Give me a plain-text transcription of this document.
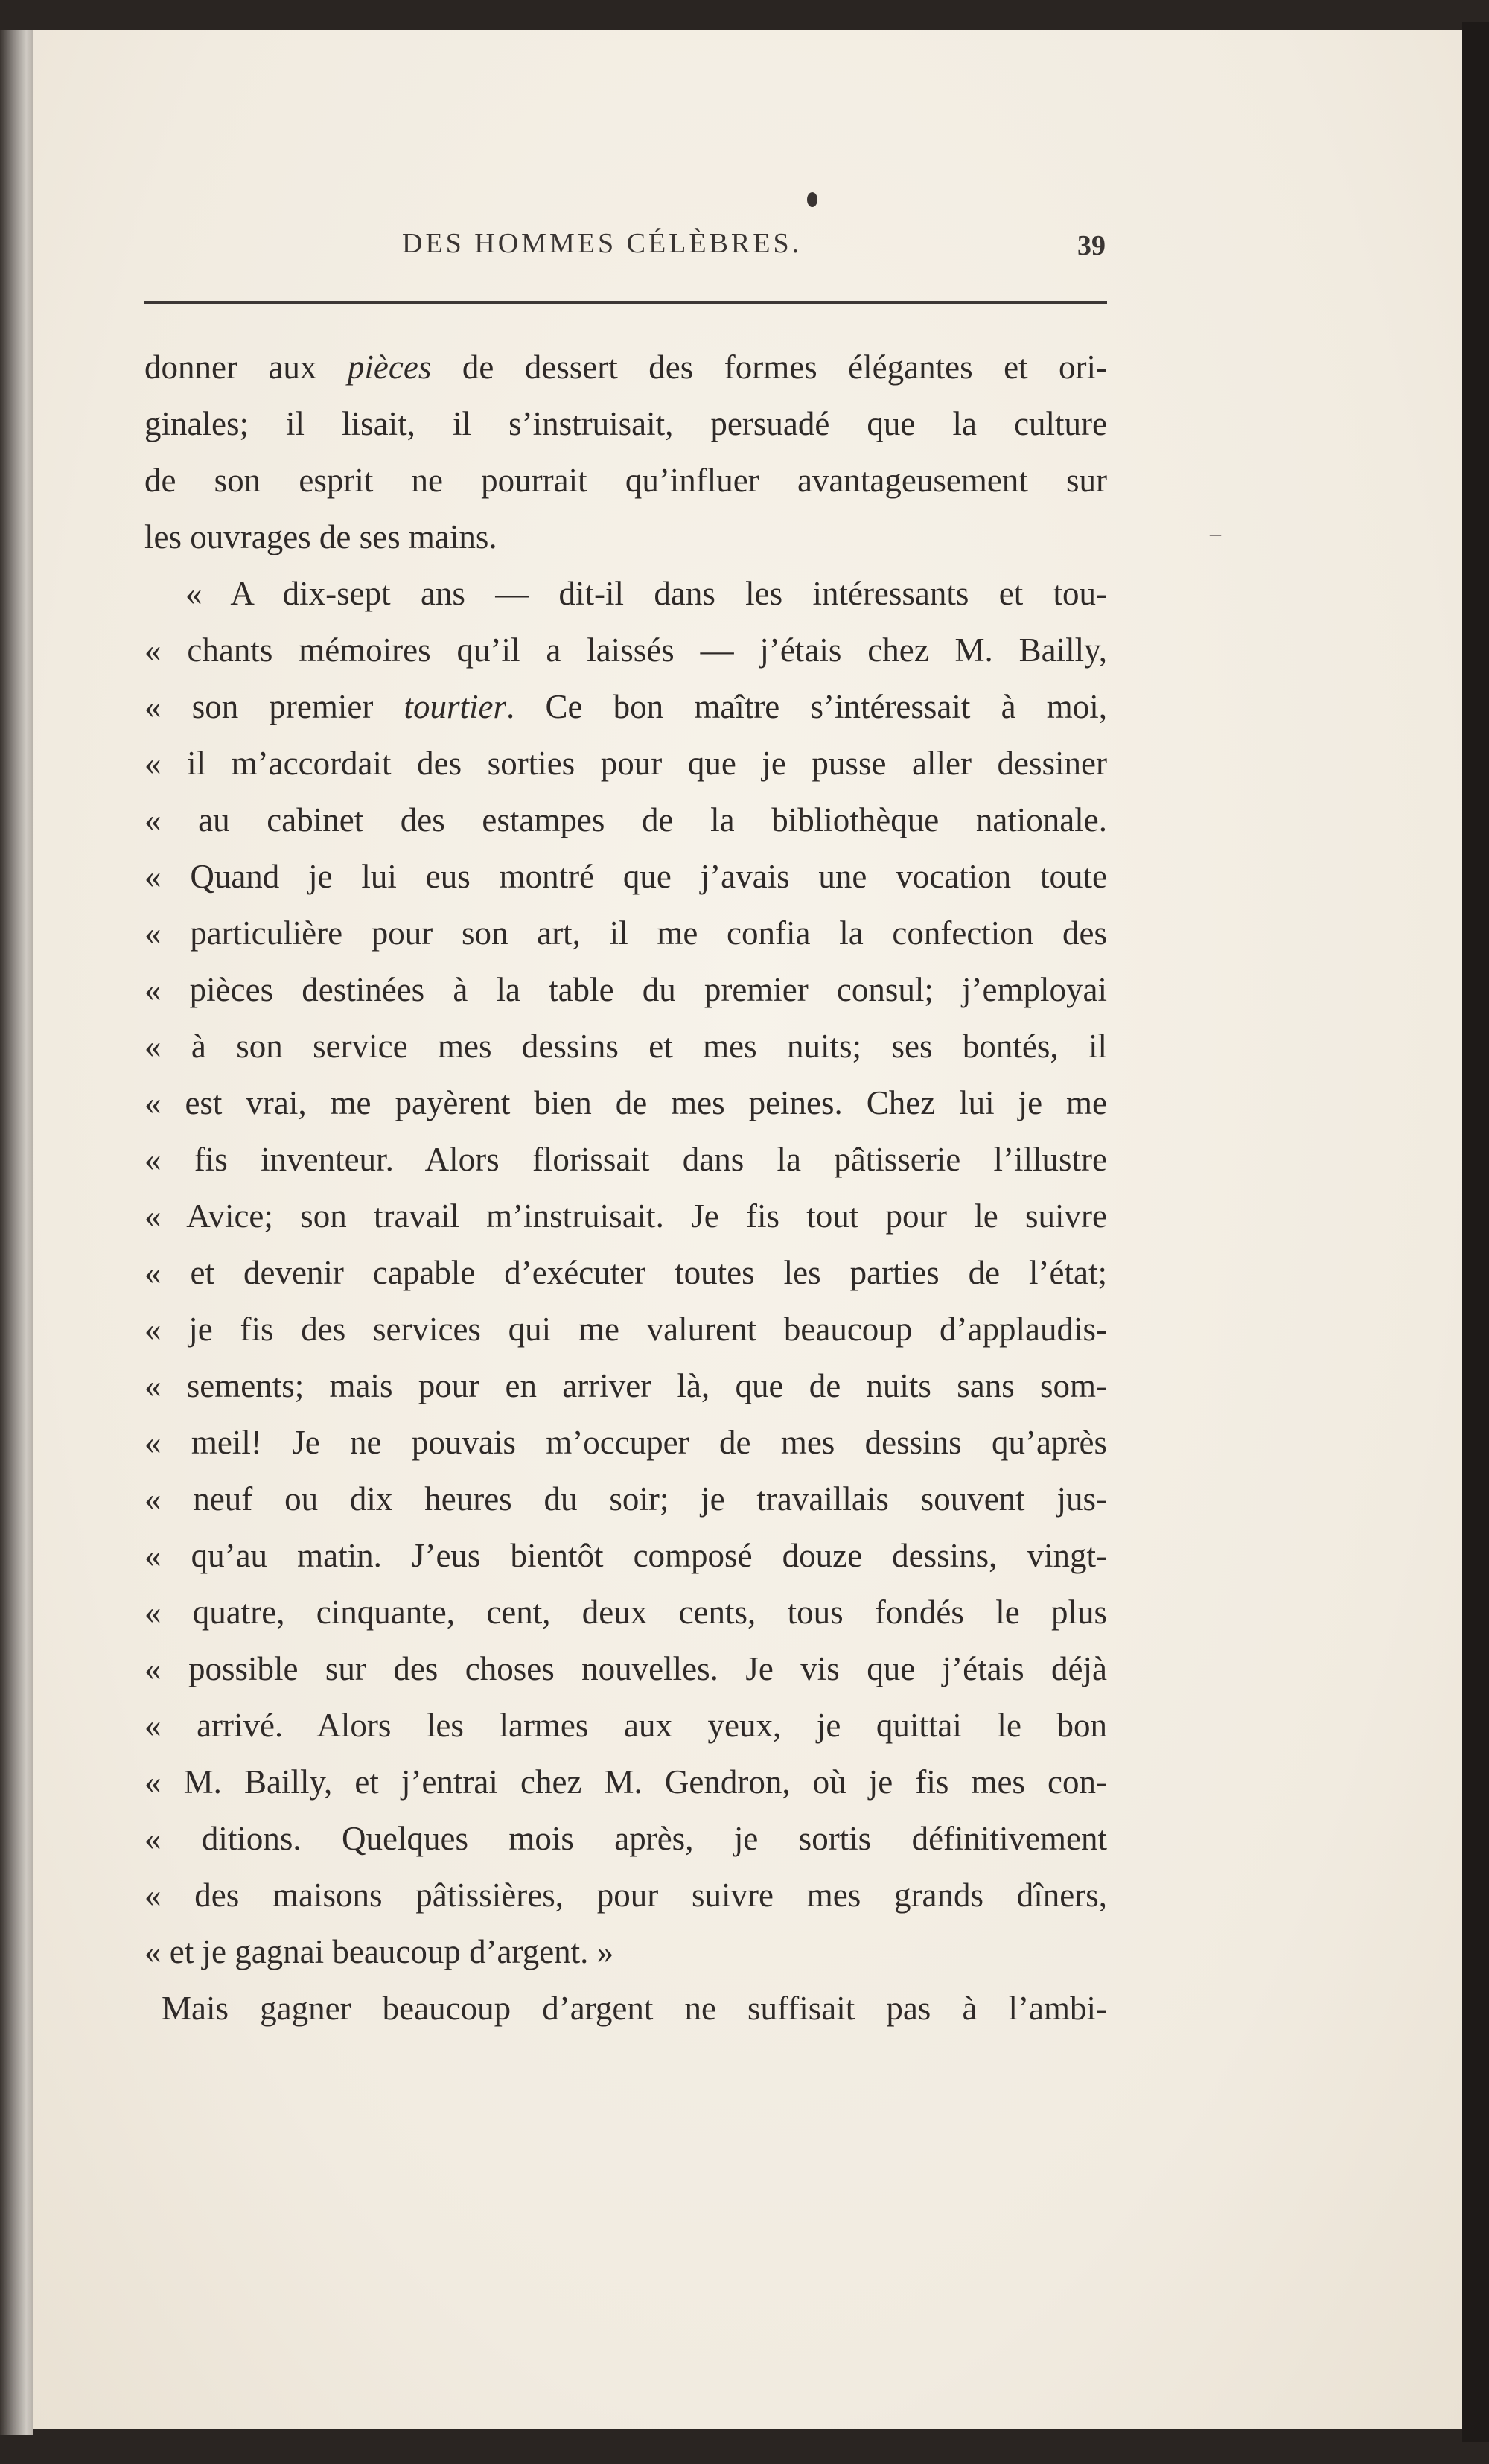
DES HOMMES CÉLÈBRES.	39
–
donner aux pièces de dessert des formes élégantes et ori-
ginales; il lisait, il s’instruisait, persuadé que la culture
de son esprit ne pourrait qu’influer avantageusement sur
les ouvrages de ses mains.
« A dix-sept ans — dit-il dans les intéressants et tou-
« chants mémoires qu’il a laissés — j’étais chez M. Bailly,
« son premier tourtier. Ce bon maître s’intéressait à moi,
« il m’accordait des sorties pour que je pusse aller dessiner
« au cabinet des estampes de la bibliothèque nationale.
« Quand je lui eus montré que j’avais une vocation toute
« particulière pour son art, il me confia la confection des
« pièces destinées à la table du premier consul; j’employai
« à son service mes dessins et mes nuits; ses bontés, il
« est vrai, me payèrent bien de mes peines. Chez lui je me
« fis inventeur. Alors florissait dans la pâtisserie l’illustre
« Avice; son travail m’instruisait. Je fis tout pour le suivre
« et devenir capable d’exécuter toutes les parties de l’état;
« je fis des services qui me valurent beaucoup d’applaudis-
« sements; mais pour en arriver là, que de nuits sans som-
« meil! Je ne pouvais m’occuper de mes dessins qu’après
« neuf ou dix heures du soir; je travaillais souvent jus-
« qu’au matin. J’eus bientôt composé douze dessins, vingt-
« quatre, cinquante, cent, deux cents, tous fondés le plus
« possible sur des choses nouvelles. Je vis que j’étais déjà
« arrivé. Alors les larmes aux yeux, je quittai le bon
« M. Bailly, et j’entrai chez M. Gendron, où je fis mes con-
« ditions. Quelques mois après, je sortis définitivement
« des maisons pâtissières, pour suivre mes grands dîners,
« et je gagnai beaucoup d’argent. »
Mais gagner beaucoup d’argent ne suffisait pas à l’ambi-
